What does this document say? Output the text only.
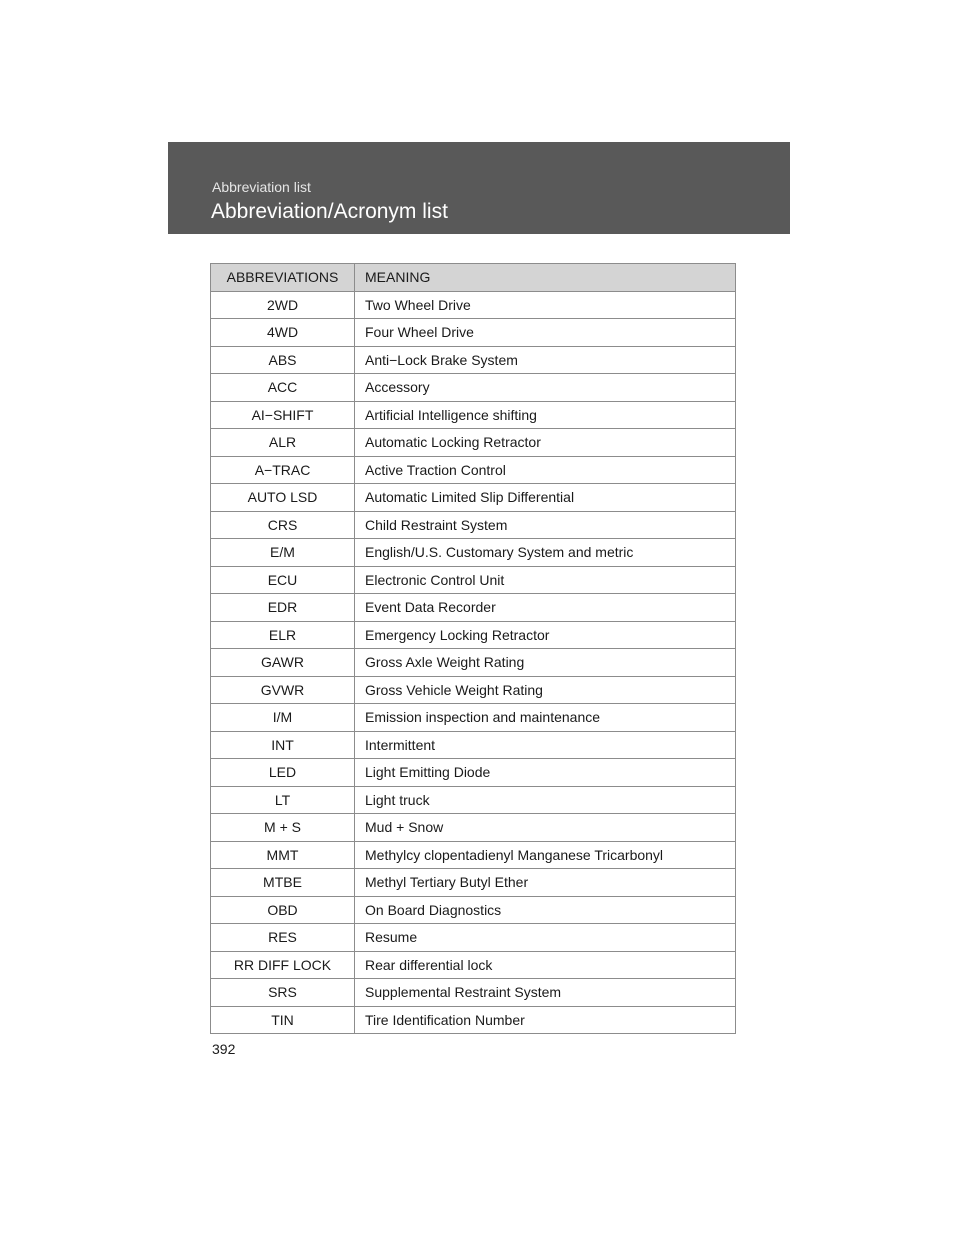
Abbreviation list
Abbreviation/Acronym list
ABBREVIATIONS	MEANING
2WD	Two Wheel Drive
4WD	Four Wheel Drive
ABS	Anti−Lock Brake System
ACC	Accessory
AI−SHIFT	Artificial Intelligence shifting
ALR	Automatic Locking Retractor
A−TRAC	Active Traction Control
AUTO LSD	Automatic Limited Slip Differential
CRS	Child Restraint System
E/M	English/U.S. Customary System and metric
ECU	Electronic Control Unit
EDR	Event Data Recorder
ELR	Emergency Locking Retractor
GAWR	Gross Axle Weight Rating
GVWR	Gross Vehicle Weight Rating
I/M	Emission inspection and maintenance
INT	Intermittent
LED	Light Emitting Diode
LT	Light truck
M + S	Mud + Snow
MMT	Methylcy clopentadienyl Manganese Tricarbonyl
MTBE	Methyl Tertiary Butyl Ether
OBD	On Board Diagnostics
RES	Resume
RR DIFF LOCK	Rear differential lock
SRS	Supplemental Restraint System
TIN	Tire Identification Number
392
